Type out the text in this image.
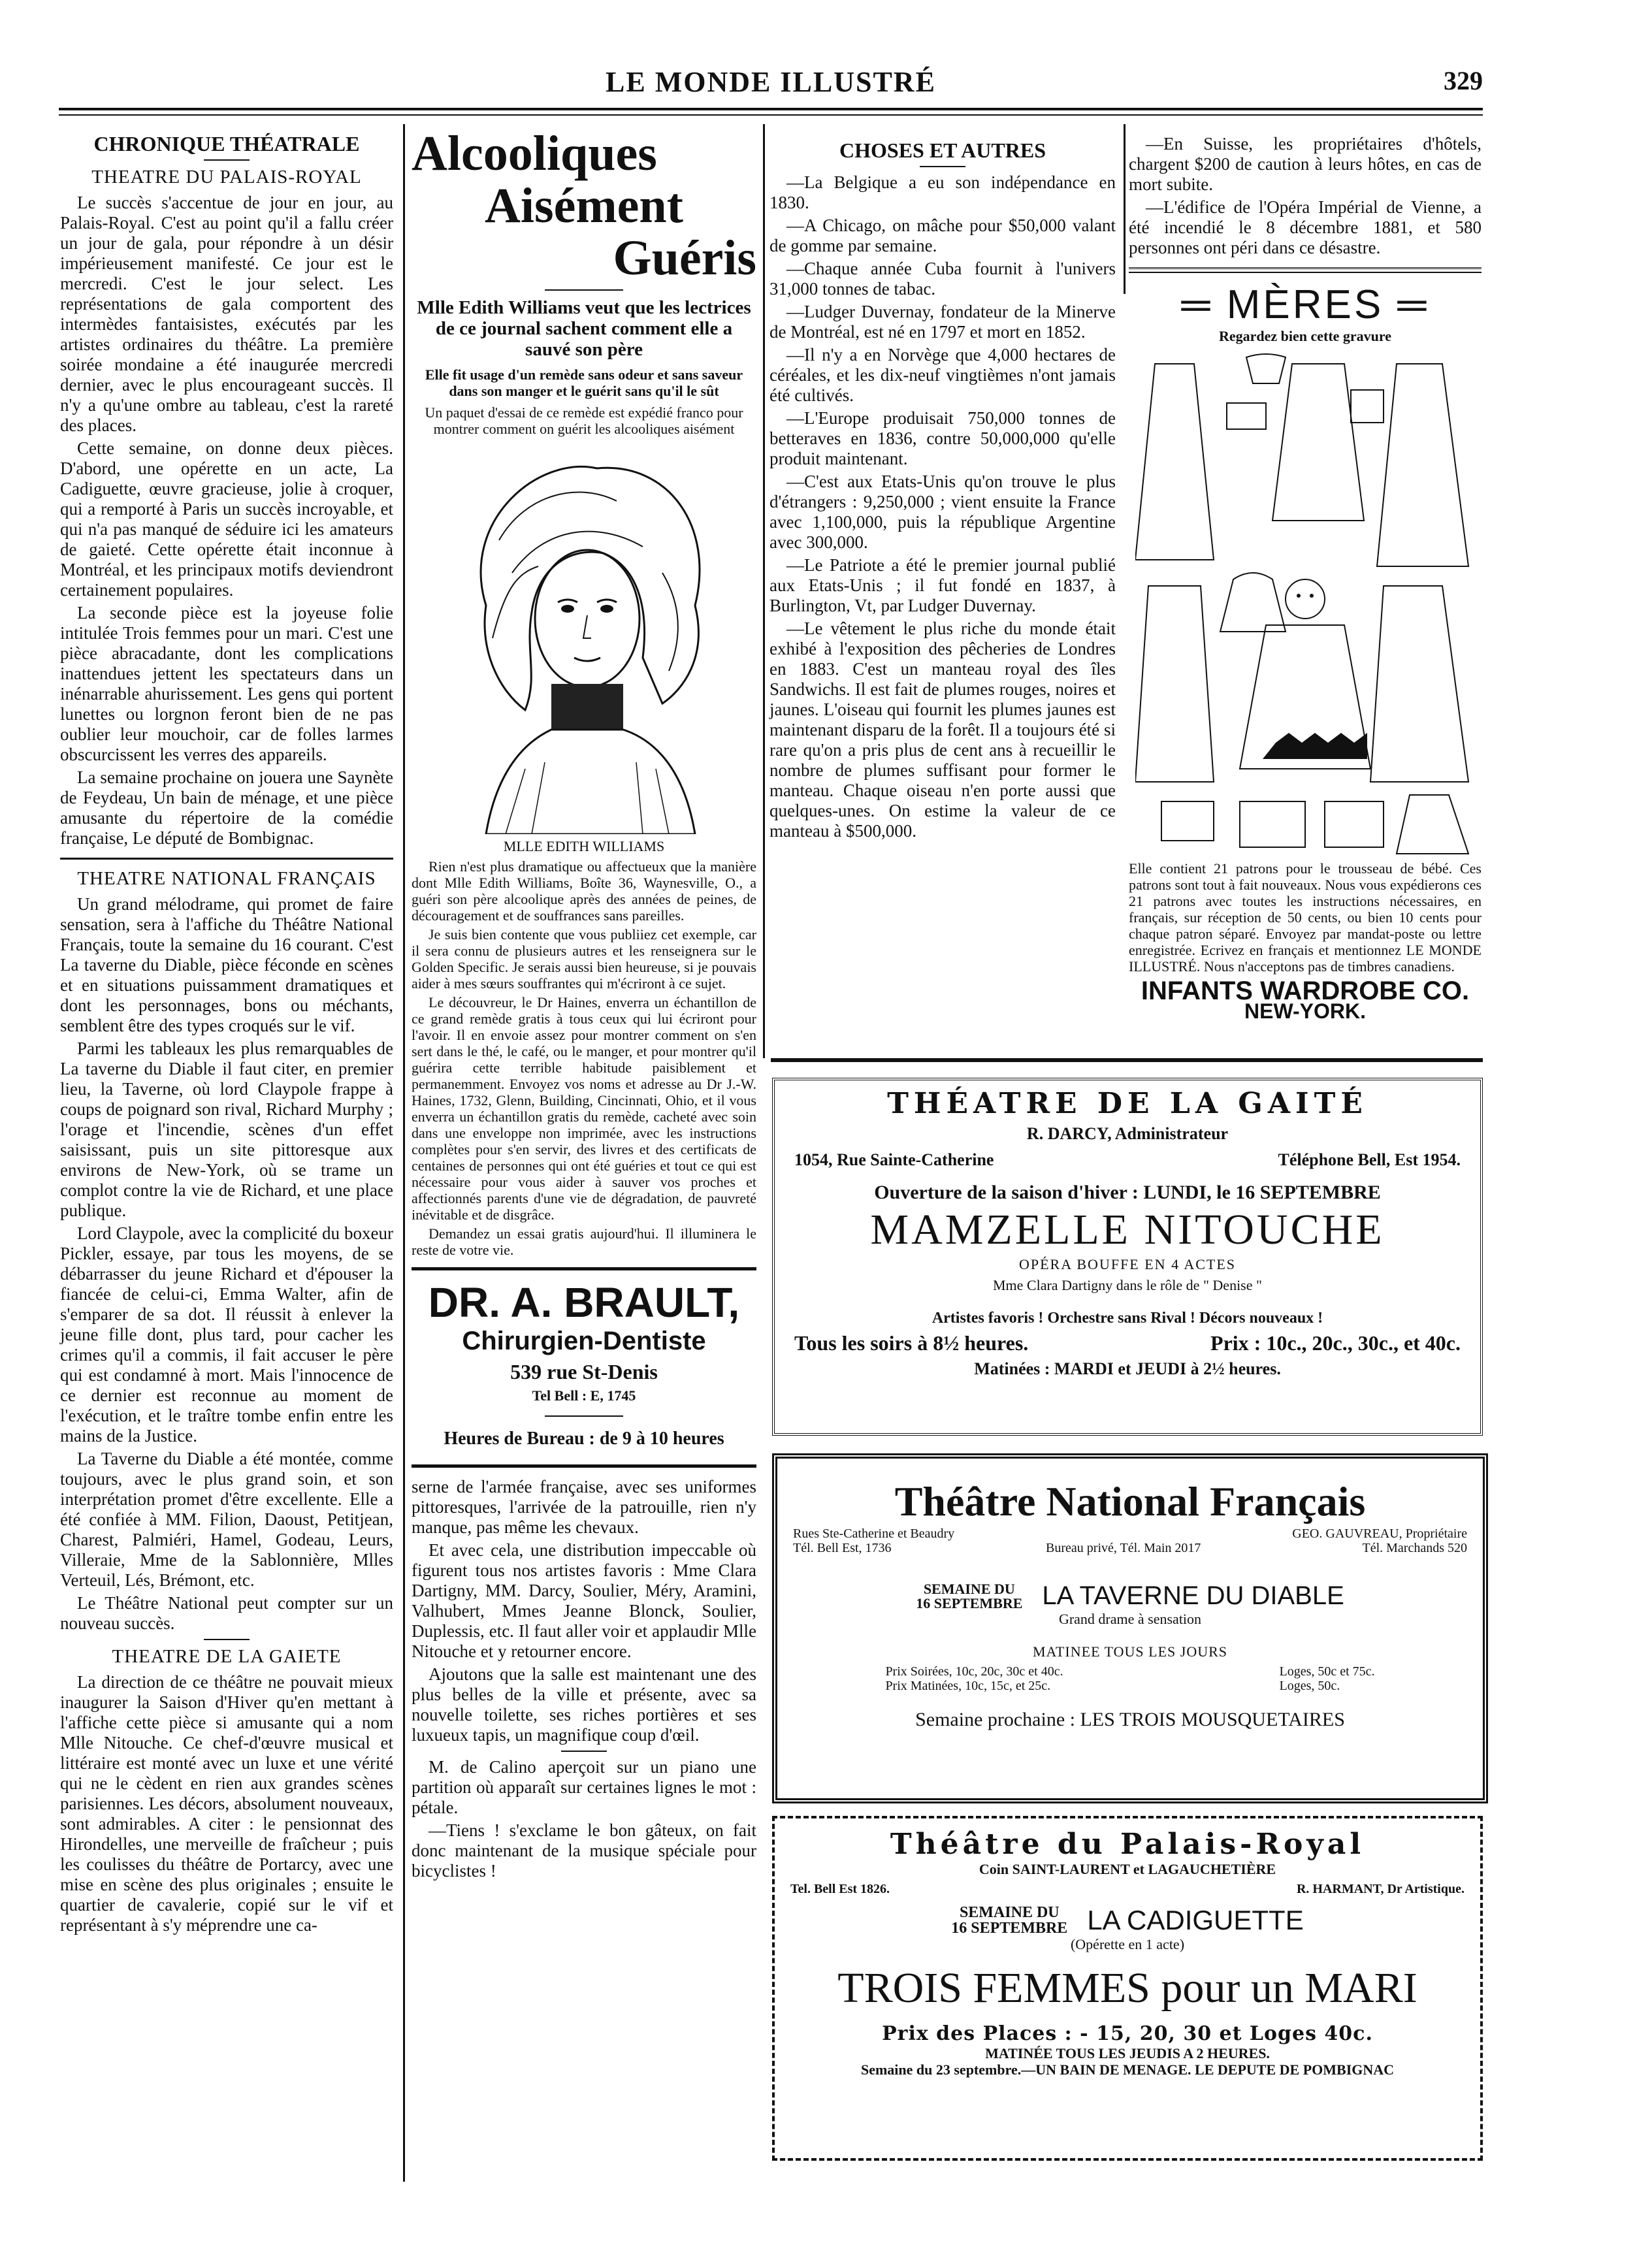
LE MONDE ILLUSTRÉ	329
CHRONIQUE THÉATRALE
THEATRE DU PALAIS-ROYAL

Le succès s'accentue de jour en jour, au Palais-Royal. C'est au point qu'il a fallu créer un jour de gala, pour répondre à un désir impérieusement manifesté. Ce jour est le mercredi. C'est le jour select. Les représentations de gala comportent des intermèdes fantaisistes, exécutés par les artistes ordinaires du théâtre. La première soirée mondaine a été inaugurée mercredi dernier, avec le plus encourageant succès. Il n'y a qu'une ombre au tableau, c'est la rareté des places.

Cette semaine, on donne deux pièces. D'abord, une opérette en un acte, La Cadiguette, œuvre gracieuse, jolie à croquer, qui a remporté à Paris un succès incroyable, et qui n'a pas manqué de séduire ici les amateurs de gaieté. Cette opérette était inconnue à Montréal, et les principaux motifs deviendront certainement populaires.

La seconde pièce est la joyeuse folie intitulée Trois femmes pour un mari. C'est une pièce abracadante, dont les complications inattendues jettent les spectateurs dans un inénarrable ahurissement. Les gens qui portent lunettes ou lorgnon feront bien de ne pas oublier leur mouchoir, car de folles larmes obscurcissent les verres des appareils.

La semaine prochaine on jouera une Saynète de Feydeau, Un bain de ménage, et une pièce amusante du répertoire de la comédie française, Le député de Bombignac.

THEATRE NATIONAL FRANÇAIS

Un grand mélodrame, qui promet de faire sensation, sera à l'affiche du Théâtre National Français, toute la semaine du 16 courant. C'est La taverne du Diable, pièce féconde en scènes et en situations puissamment dramatiques et dont les personnages, bons ou méchants, semblent être des types croqués sur le vif.

Parmi les tableaux les plus remarquables de La taverne du Diable il faut citer, en premier lieu, la Taverne, où lord Claypole frappe à coups de poignard son rival, Richard Murphy ; l'orage et l'incendie, scènes d'un effet saisissant, puis un site pittoresque aux environs de New-York, où se trame un complot contre la vie de Richard, et une place publique.

Lord Claypole, avec la complicité du boxeur Pickler, essaye, par tous les moyens, de se débarrasser du jeune Richard et d'épouser la fiancée de celui-ci, Emma Walter, afin de s'emparer de sa dot. Il réussit à enlever la jeune fille dont, plus tard, pour cacher les crimes qu'il a commis, il fait accuser le père qui est condamné à mort. Mais l'innocence de ce dernier est reconnue au moment de l'exécution, et le traître tombe enfin entre les mains de la Justice.

La Taverne du Diable a été montée, comme toujours, avec le plus grand soin, et son interprétation promet d'être excellente. Elle a été confiée à MM. Filion, Daoust, Petitjean, Charest, Palmiéri, Hamel, Godeau, Leurs, Villeraie, Mme de la Sablonnière, Mlles Verteuil, Lés, Brémont, etc.

Le Théâtre National peut compter sur un nouveau succès.

THEATRE DE LA GAIETE

La direction de ce théâtre ne pouvait mieux inaugurer la Saison d'Hiver qu'en mettant à l'affiche cette pièce si amusante qui a nom Mlle Nitouche. Ce chef-d'œuvre musical et littéraire est monté avec un luxe et une vérité qui ne le cèdent en rien aux grandes scènes parisiennes. Les décors, absolument nouveaux, sont admirables. A citer : le pensionnat des Hirondelles, une merveille de fraîcheur ; puis les coulisses du théâtre de Portarcy, avec une mise en scène des plus originales ; ensuite le quartier de cavalerie, copié sur le vif et représentant à s'y méprendre une ca-

Alcooliques
Aisément
Guéris
Mlle Edith Williams veut que les lectrices de ce journal sachent comment elle a sauvé son père
Elle fit usage d'un remède sans odeur et sans saveur dans son manger et le guérit sans qu'il le sût
Un paquet d'essai de ce remède est expédié franco pour montrer comment on guérit les alcooliques aisément
MLLE EDITH WILLIAMS

Rien n'est plus dramatique ou affectueux que la manière dont Mlle Edith Williams, Boîte 36, Waynesville, O., a guéri son père alcoolique après des années de peines, de découragement et de souffrances sans pareilles.

Je suis bien contente que vous publiiez cet exemple, car il sera connu de plusieurs autres et les renseignera sur le Golden Specific. Je serais aussi bien heureuse, si je pouvais aider à mes sœurs souffrantes qui m'écriront à ce sujet.

Le découvreur, le Dr Haines, enverra un échantillon de ce grand remède gratis à tous ceux qui lui écriront pour l'avoir. Il en envoie assez pour montrer comment on s'en sert dans le thé, le café, ou le manger, et pour montrer qu'il guérira cette terrible habitude paisiblement et permanemment. Envoyez vos noms et adresse au Dr J.-W. Haines, 1732, Glenn, Building, Cincinnati, Ohio, et il vous enverra un échantillon gratis du remède, cacheté avec soin dans une enveloppe non imprimée, avec les instructions complètes pour s'en servir, des livres et des certificats de centaines de personnes qui ont été guéries et tout ce qui est nécessaire pour vous aider à sauver vos proches et affectionnés parents d'une vie de dégradation, de pauvreté inévitable et de disgrâce.

Demandez un essai gratis aujourd'hui. Il illuminera le reste de votre vie.

DR. A. BRAULT,
Chirurgien-Dentiste
539 rue St-Denis
Tel Bell : E, 1745
Heures de Bureau : de 9 à 10 heures

serne de l'armée française, avec ses uniformes pittoresques, l'arrivée de la patrouille, rien n'y manque, pas même les chevaux.

Et avec cela, une distribution impeccable où figurent tous nos artistes favoris : Mme Clara Dartigny, MM. Darcy, Soulier, Méry, Aramini, Valhubert, Mmes Jeanne Blonck, Soulier, Duplessis, etc. Il faut aller voir et applaudir Mlle Nitouche et y retourner encore.

Ajoutons que la salle est maintenant une des plus belles de la ville et présente, avec sa nouvelle toilette, ses riches portières et ses luxueux tapis, un magnifique coup d'œil.

M. de Calino aperçoit sur un piano une partition où apparaît sur certaines lignes le mot : pétale.

—Tiens ! s'exclame le bon gâteux, on fait donc maintenant de la musique spéciale pour bicyclistes !

CHOSES ET AUTRES

—La Belgique a eu son indépendance en 1830.

—A Chicago, on mâche pour $50,000 valant de gomme par semaine.

—Chaque année Cuba fournit à l'univers 31,000 tonnes de tabac.

—Ludger Duvernay, fondateur de la Minerve de Montréal, est né en 1797 et mort en 1852.

—Il n'y a en Norvège que 4,000 hectares de céréales, et les dix-neuf vingtièmes n'ont jamais été cultivés.

—L'Europe produisait 750,000 tonnes de betteraves en 1836, contre 50,000,000 qu'elle produit maintenant.

—C'est aux Etats-Unis qu'on trouve le plus d'étrangers : 9,250,000 ; vient ensuite la France avec 1,100,000, puis la république Argentine avec 300,000.

—Le Patriote a été le premier journal publié aux Etats-Unis ; il fut fondé en 1837, à Burlington, Vt, par Ludger Duvernay.

—Le vêtement le plus riche du monde était exhibé à l'exposition des pêcheries de Londres en 1883. C'est un manteau royal des îles Sandwichs. Il est fait de plumes rouges, noires et jaunes. L'oiseau qui fournit les plumes jaunes est maintenant disparu de la forêt. Il a toujours été si rare qu'on a pris plus de cent ans à recueillir le nombre de plumes suffisant pour former le manteau. Chaque oiseau n'en porte aussi que quelques-unes. On estime la valeur de ce manteau à $500,000.

—En Suisse, les propriétaires d'hôtels, chargent $200 de caution à leurs hôtes, en cas de mort subite.

—L'édifice de l'Opéra Impérial de Vienne, a été incendié le 8 décembre 1881, et 580 personnes ont péri dans ce désastre.

═ MÈRES ═
Regardez bien cette gravure

Elle contient 21 patrons pour le trousseau de bébé. Ces patrons sont tout à fait nouveaux. Nous vous expédierons ces 21 patrons avec toutes les instructions nécessaires, en français, sur réception de 50 cents, ou bien 10 cents pour chaque patron séparé. Envoyez par mandat-poste ou lettre enregistrée. Ecrivez en français et mentionnez LE MONDE ILLUSTRÉ. Nous n'acceptons pas de timbres canadiens.

INFANTS WARDROBE CO.
NEW-YORK.
THÉATRE DE LA GAITÉ
R. DARCY, Administrateur
1054, Rue Sainte-Catherine	Téléphone Bell, Est 1954.
Ouverture de la saison d'hiver : LUNDI, le 16 SEPTEMBRE
MAMZELLE NITOUCHE
OPÉRA BOUFFE EN 4 ACTES
Mme Clara Dartigny dans le rôle de " Denise "
Artistes favoris ! Orchestre sans Rival ! Décors nouveaux !
Tous les soirs à 8½ heures.	Prix : 10c., 20c., 30c., et 40c.
Matinées : MARDI et JEUDI à 2½ heures.
Théâtre National Français
Rues Ste-Catherine et Beaudry
Tél. Bell Est, 1736	Bureau privé, Tél. Main 2017
GEO. GAUVREAU, Propriétaire
Tél. Marchands 520
SEMAINE DU
16 SEPTEMBRE LA TAVERNE DU DIABLE
Grand drame à sensation
MATINEE TOUS LES JOURS
Prix Soirées, 10c, 20c, 30c et 40c.
Prix Matinées, 10c, 15c, et 25c.
Loges, 50c et 75c.
Loges, 50c.
Semaine prochaine : LES TROIS MOUSQUETAIRES
Théâtre du Palais-Royal
Coin SAINT-LAURENT et LAGAUCHETIÈRE
Tel. Bell Est 1826.	R. HARMANT, Dr Artistique.
SEMAINE DU
16 SEPTEMBRE LA CADIGUETTE
(Opérette en 1 acte)
TROIS FEMMES pour un MARI
Prix des Places : - 15, 20, 30 et Loges 40c.
MATINÉE TOUS LES JEUDIS A 2 HEURES.
Semaine du 23 septembre.—UN BAIN DE MENAGE. LE DEPUTE DE POMBIGNAC
